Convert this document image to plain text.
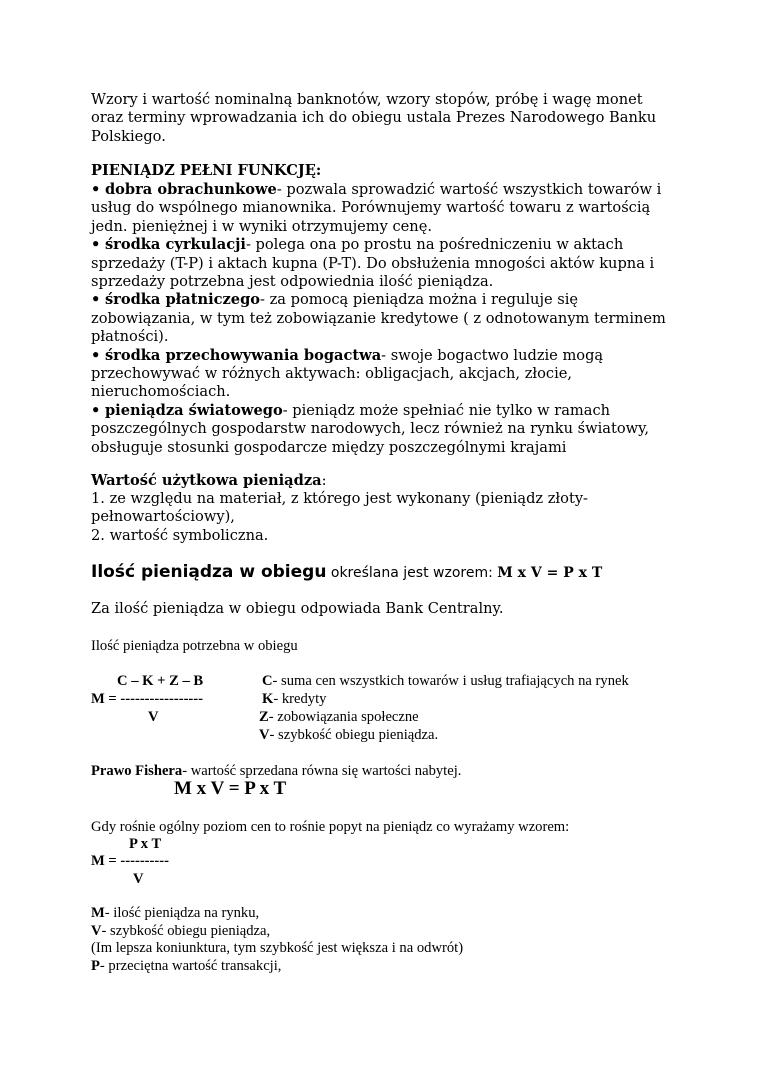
Wzory i wartość nominalną banknotów, wzory stopów, próbę i wagę monet
oraz terminy wprowadzania ich do obiegu ustala Prezes Narodowego Banku
Polskiego.
PIENIĄDZ PEŁNI FUNKCJĘ:
• dobra obrachunkowe- pozwala sprowadzić wartość wszystkich towarów i
usług do wspólnego mianownika. Porównujemy wartość towaru z wartością
jedn. pieniężnej i w wyniki otrzymujemy cenę.
• środka cyrkulacji- polega ona po prostu na pośredniczeniu w aktach
sprzedaży (T-P) i aktach kupna (P-T). Do obsłużenia mnogości aktów kupna i
sprzedaży potrzebna jest odpowiednia ilość pieniądza.
• środka płatniczego- za pomocą pieniądza można i reguluje się
zobowiązania, w tym też zobowiązanie kredytowe ( z odnotowanym terminem
płatności).
• środka przechowywania bogactwa- swoje bogactwo ludzie mogą
przechowywać w różnych aktywach: obligacjach, akcjach, złocie,
nieruchomościach.
• pieniądza światowego- pieniądz może spełniać nie tylko w ramach
poszczególnych gospodarstw narodowych, lecz również na rynku światowy,
obsługuje stosunki gospodarcze między poszczególnymi krajami
Wartość użytkowa pieniądza:
1. ze względu na materiał, z którego jest wykonany (pieniądz złoty-
pełnowartościowy),
2. wartość symboliczna.
Ilość pieniądza w obiegu określana jest wzorem: M x V = P x T
Za ilość pieniądza w obiegu odpowiada Bank Centralny.
Ilość pieniądza potrzebna w obiegu
C – K + Z – B
M = -----------------
V
C- suma cen wszystkich towarów i usług trafiających na rynek
K- kredyty
Z- zobowiązania społeczne
V- szybkość obiegu pieniądza.
Prawo Fishera- wartość sprzedana równa się wartości nabytej.
M x V = P x T
Gdy rośnie ogólny poziom cen to rośnie popyt na pieniądz co wyrażamy wzorem:
P x T
M = ----------
V
M- ilość pieniądza na rynku,
V- szybkość obiegu pieniądza,
(Im lepsza koniunktura, tym szybkość jest większa i na odwrót)
P- przeciętna wartość transakcji,
